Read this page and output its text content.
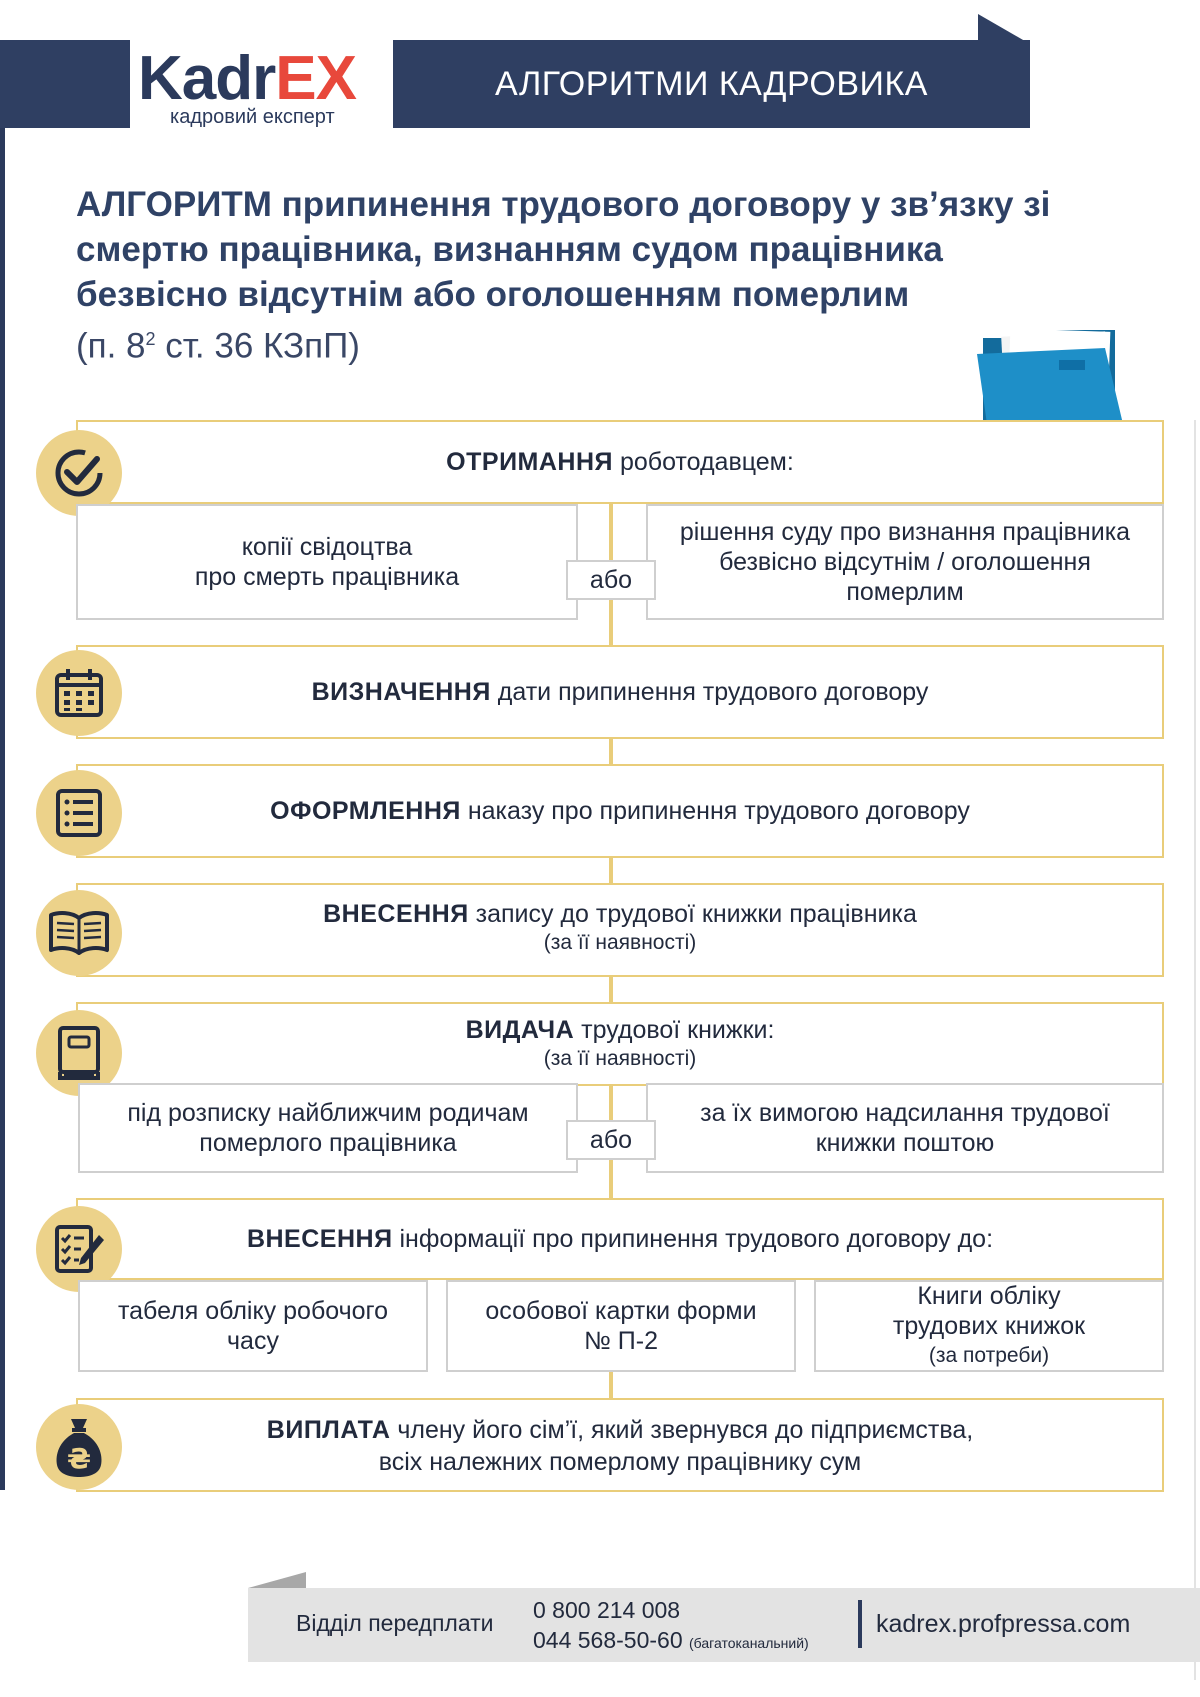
KadrEX
кадровий експерт
АЛГОРИТМИ КАДРОВИКА
АЛГОРИТМ припинення трудового договору у зв’язку зі смертю працівника, визнанням судом працівника безвісно відсутнім або оголошенням померлим
(п. $8^2$ ст. 36 КЗпП)
ОТРИМАННЯ роботодавцем:
копії свідоцтва
про смерть працівника
рішення суду про визнання працівника безвісно відсутнім / оголошення померлим
або
ВИЗНАЧЕННЯ дати припинення трудового договору
ОФОРМЛЕННЯ наказу про припинення трудового договору
ВНЕСЕННЯ запису до трудової книжки працівника
(за її наявності)
ВИДАЧА трудової книжки:
(за її наявності)
під розписку найближчим родичам померлого працівника
за їх вимогою надсилання трудової книжки поштою
або
ВНЕСЕННЯ інформації про припинення трудового договору до:
табеля обліку робочого часу
особової картки форми № П-2
Книги обліку трудових книжок
(за потреби)
ВИПЛАТА члену його сім’ї, який звернувся до підприємства,
всіх належних померлому працівнику сум
₴
Відділ передплати 0 800 214 008
044 568-50-60 (багатоканальний)
kadrex.profpressa.com
